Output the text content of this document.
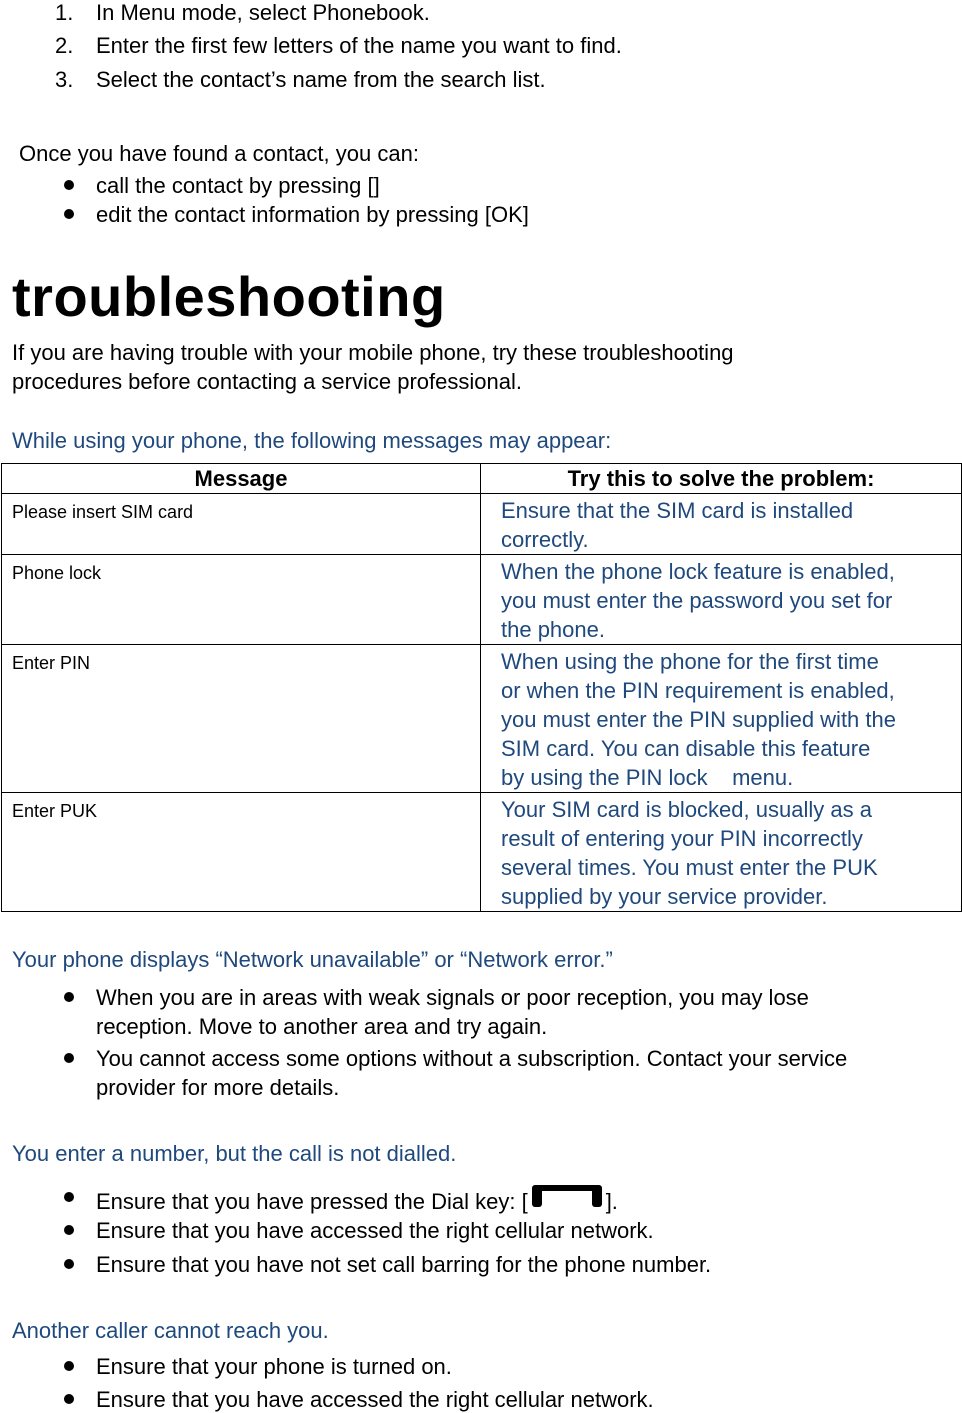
1.	In Menu mode, select Phonebook.
2.	Enter the first few letters of the name you want to find.
3.	Select the contact’s name from the search list.
Once you have found a contact, you can:
call the contact by pressing []
edit the contact information by pressing [OK]
troubleshooting
If you are having trouble with your mobile phone, try these troubleshooting
procedures before contacting a service professional.
While using your phone, the following messages may appear:
Message	Try this to solve the problem:
Please insert SIM card	Ensure that the SIM card is installed
correctly.

Phone lock	When the phone lock feature is enabled,
you must enter the password you set for
the phone.

Enter PIN	When using the phone for the first time
or when the PIN requirement is enabled,
you must enter the PIN supplied with the
SIM card. You can disable this feature
by using the PIN lock    menu.

Enter PUK	Your SIM card is blocked, usually as a
result of entering your PIN incorrectly
several times. You must enter the PUK
supplied by your service provider.
Your phone displays “Network unavailable” or “Network error.”
When you are in areas with weak signals or poor reception, you may lose
reception. Move to another area and try again.
You cannot access some options without a subscription. Contact your service
provider for more details.
You enter a number, but the call is not dialled.
Ensure that you have pressed the Dial key: [	].
Ensure that you have accessed the right cellular network.
Ensure that you have not set call barring for the phone number.
Another caller cannot reach you.
Ensure that your phone is turned on.
Ensure that you have accessed the right cellular network.
